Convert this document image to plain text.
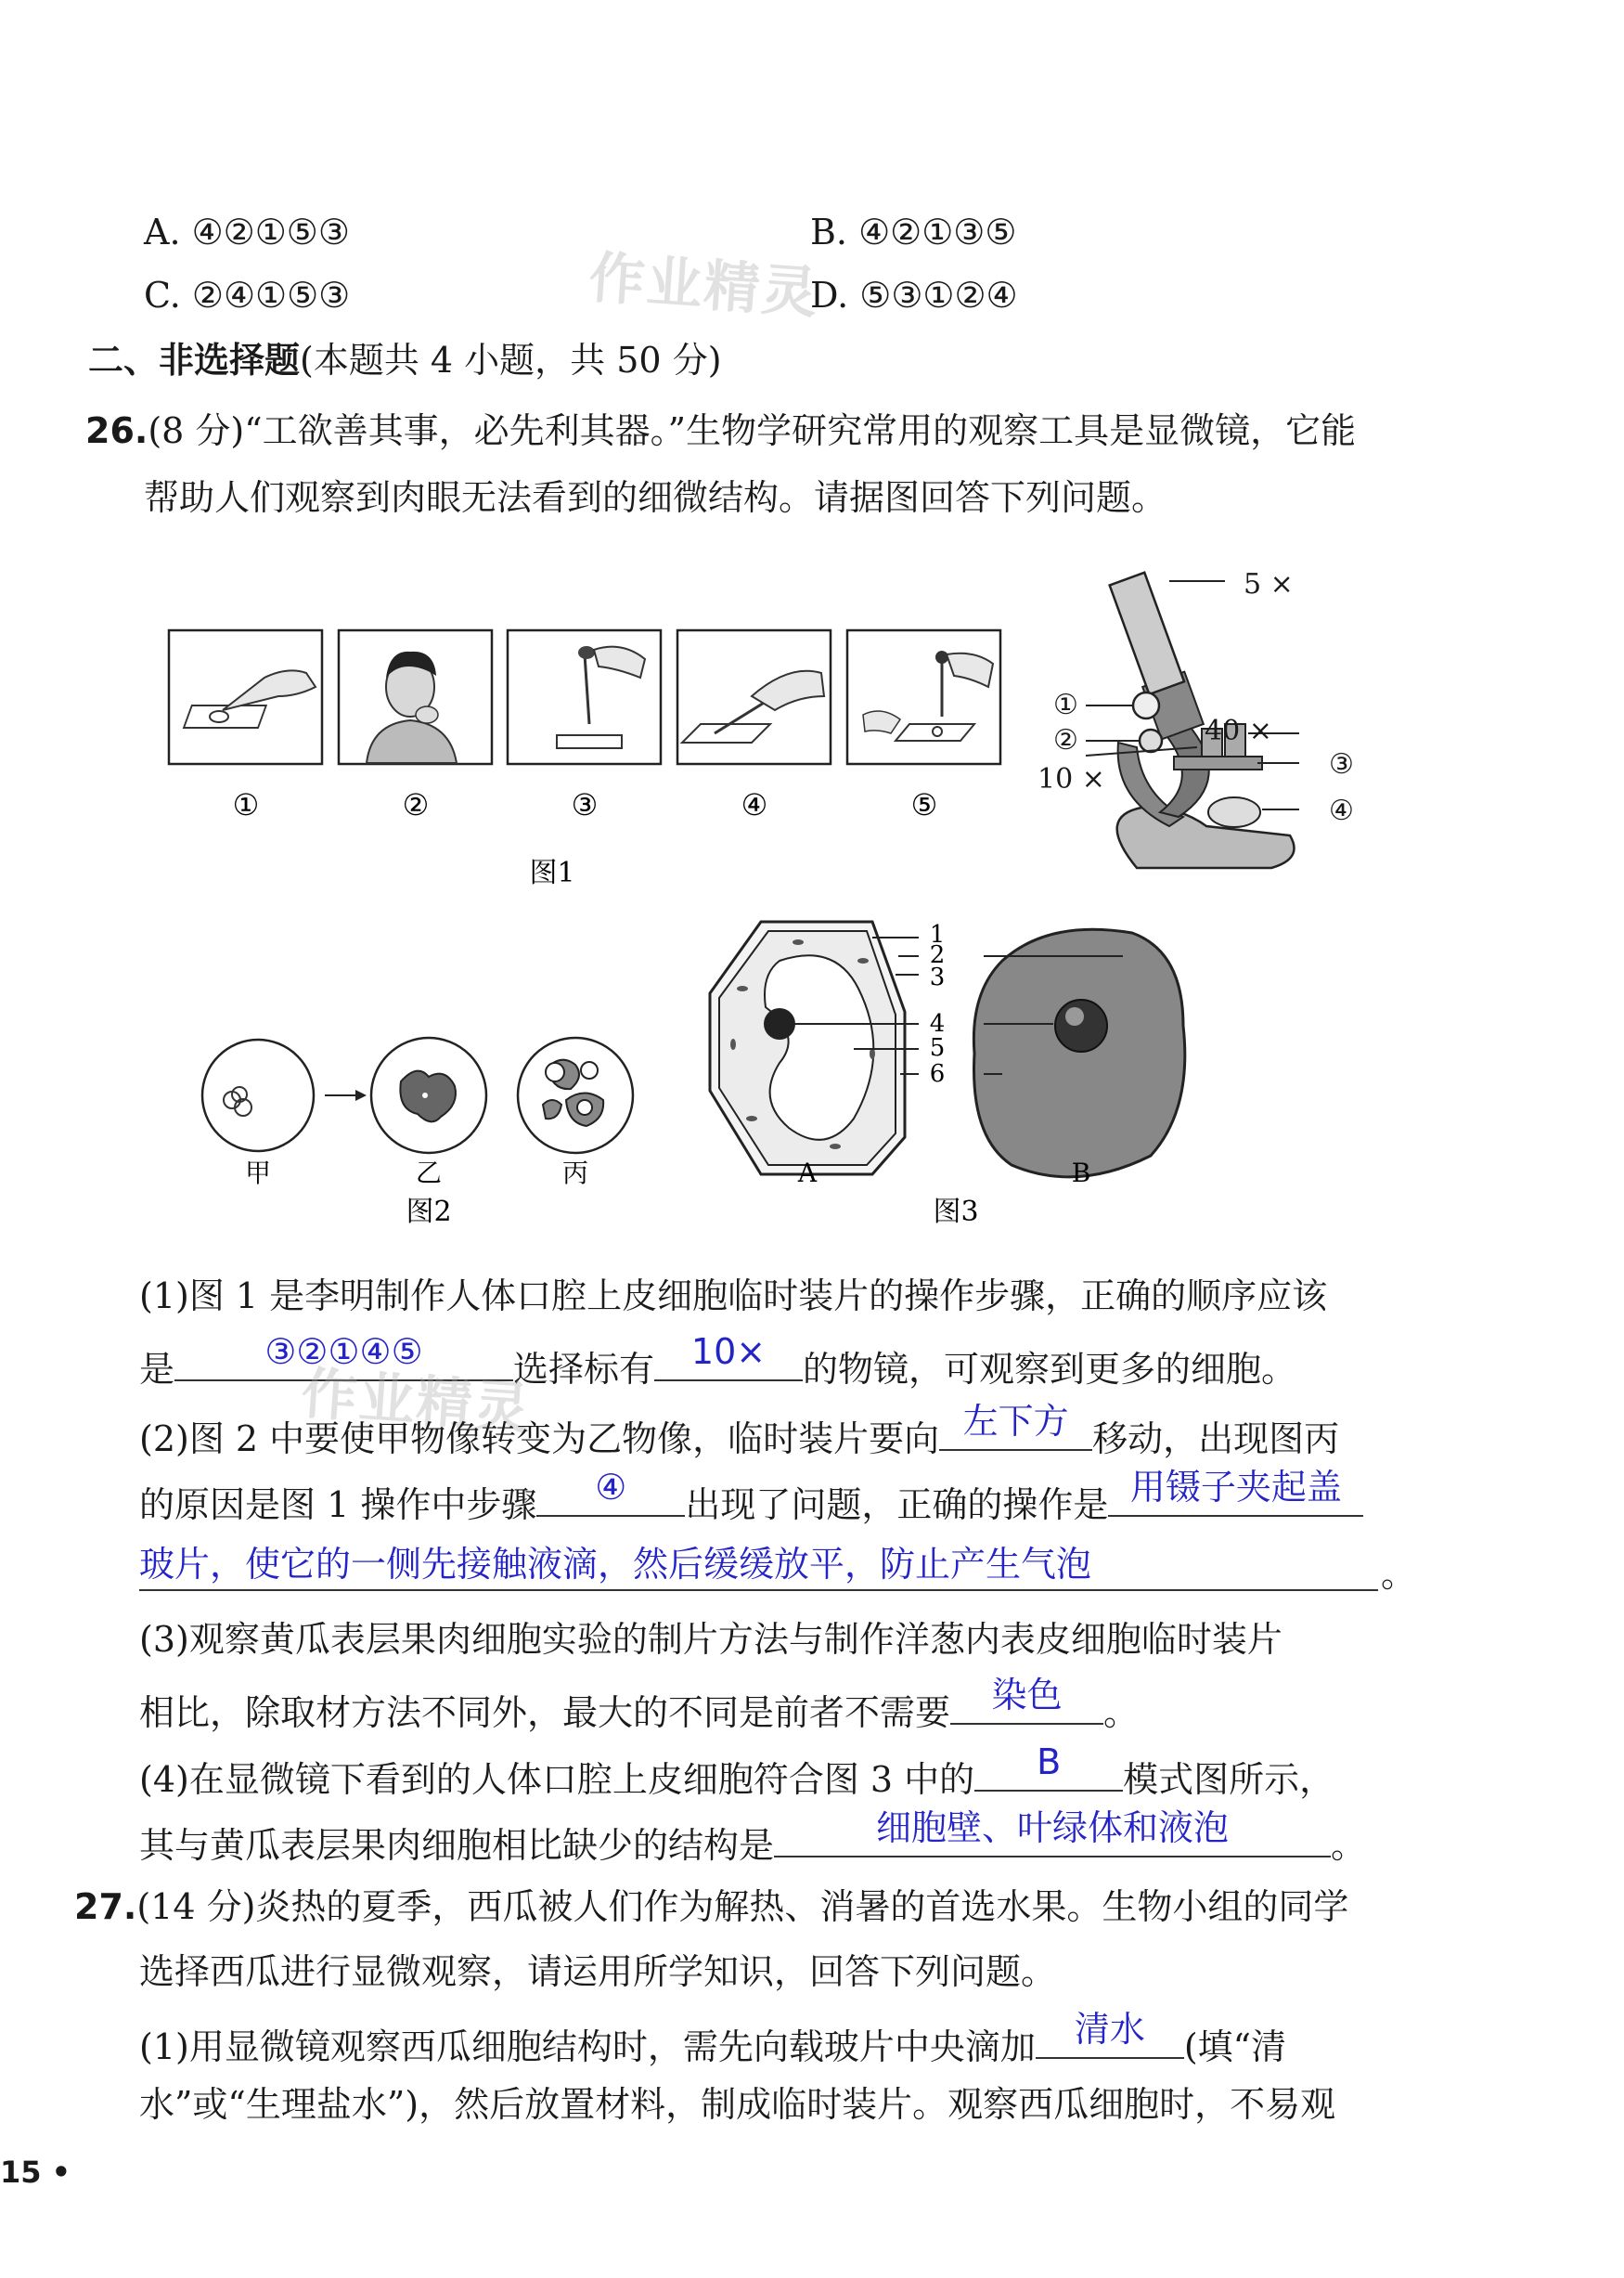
A. ④②①⑤③	B. ④②①③⑤
C. ②④①⑤③	D. ⑤③①②④
作业精灵
二、非选择题(本题共 4 小题，共 50 分)
26.(8 分)“工欲善其事，必先利其器。”生物学研究常用的观察工具是显微镜，它能
帮助人们观察到肉眼无法看到的细微结构。请据图回答下列问题。
①	②	③	④	⑤
图1
5 ×
①
②
10 ×
40 ×
③
④
甲	乙	丙
图2
1
2
3
4
5
6
A	B
图3
(1)图 1 是李明制作人体口腔上皮细胞临时装片的操作步骤，正确的顺序应该
是	③②①④⑤	选择标有	10×	的物镜，可观察到更多的细胞。
作业精灵
(2)图 2 中要使甲物像转变为乙物像，临时装片要向 左下方 移动，出现图丙
的原因是图 1 操作中步骤	④	出现了问题，正确的操作是 用镊子夹起盖
玻片，使它的一侧先接触液滴，然后缓缓放平，防止产生气泡	。
(3)观察黄瓜表层果肉细胞实验的制片方法与制作洋葱内表皮细胞临时装片
相比，除取材方法不同外，最大的不同是前者不需要	染色	。
(4)在显微镜下看到的人体口腔上皮细胞符合图 3 中的	B	模式图所示，
其与黄瓜表层果肉细胞相比缺少的结构是	细胞壁、叶绿体和液泡	。
27.(14 分)炎热的夏季，西瓜被人们作为解热、消暑的首选水果。生物小组的同学
选择西瓜进行显微观察，请运用所学知识，回答下列问题。
(1)用显微镜观察西瓜细胞结构时，需先向载玻片中央滴加	清水	(填“清
水”或“生理盐水”)，然后放置材料，制成临时装片。观察西瓜细胞时，不易观
15 •
